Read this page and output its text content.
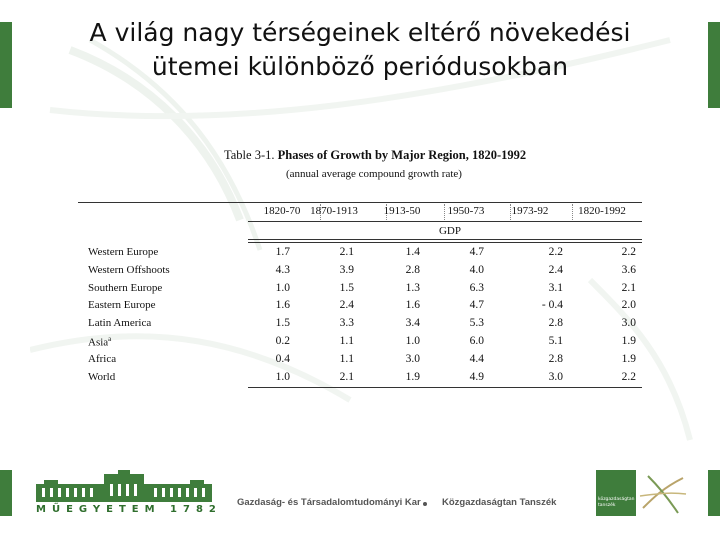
A világ nagy térségeinek eltérő növekedési
ütemei különböző periódusokban
Table 3-1. Phases of Growth by Major Region, 1820-1992
(annual average compound growth rate)
1820-70 1870-1913	1913-50	1950-73	1973-92	1820-1992
GDP
Western Europe	1.7	2.1	1.4	4.7	2.2	2.2
Western Offshoots	4.3	3.9	2.8	4.0	2.4	3.6
Southern Europe	1.0	1.5	1.3	6.3	3.1	2.1
Eastern Europe	1.6	2.4	1.6	4.7	- 0.4	2.0
Latin America	1.5	3.3	3.4	5.3	2.8	3.0
Asia$^a$	0.2	1.1	1.0	6.0	5.1	1.9
Africa	0.4	1.1	3.0	4.4	2.8	1.9
World	1.0	2.1	1.9	4.9	3.0	2.2
MŰEGYETEM 1782
Gazdaság- és Társadalomtudományi Kar Közgazdaságtan Tanszék	közgazdaságtan
tanszék
